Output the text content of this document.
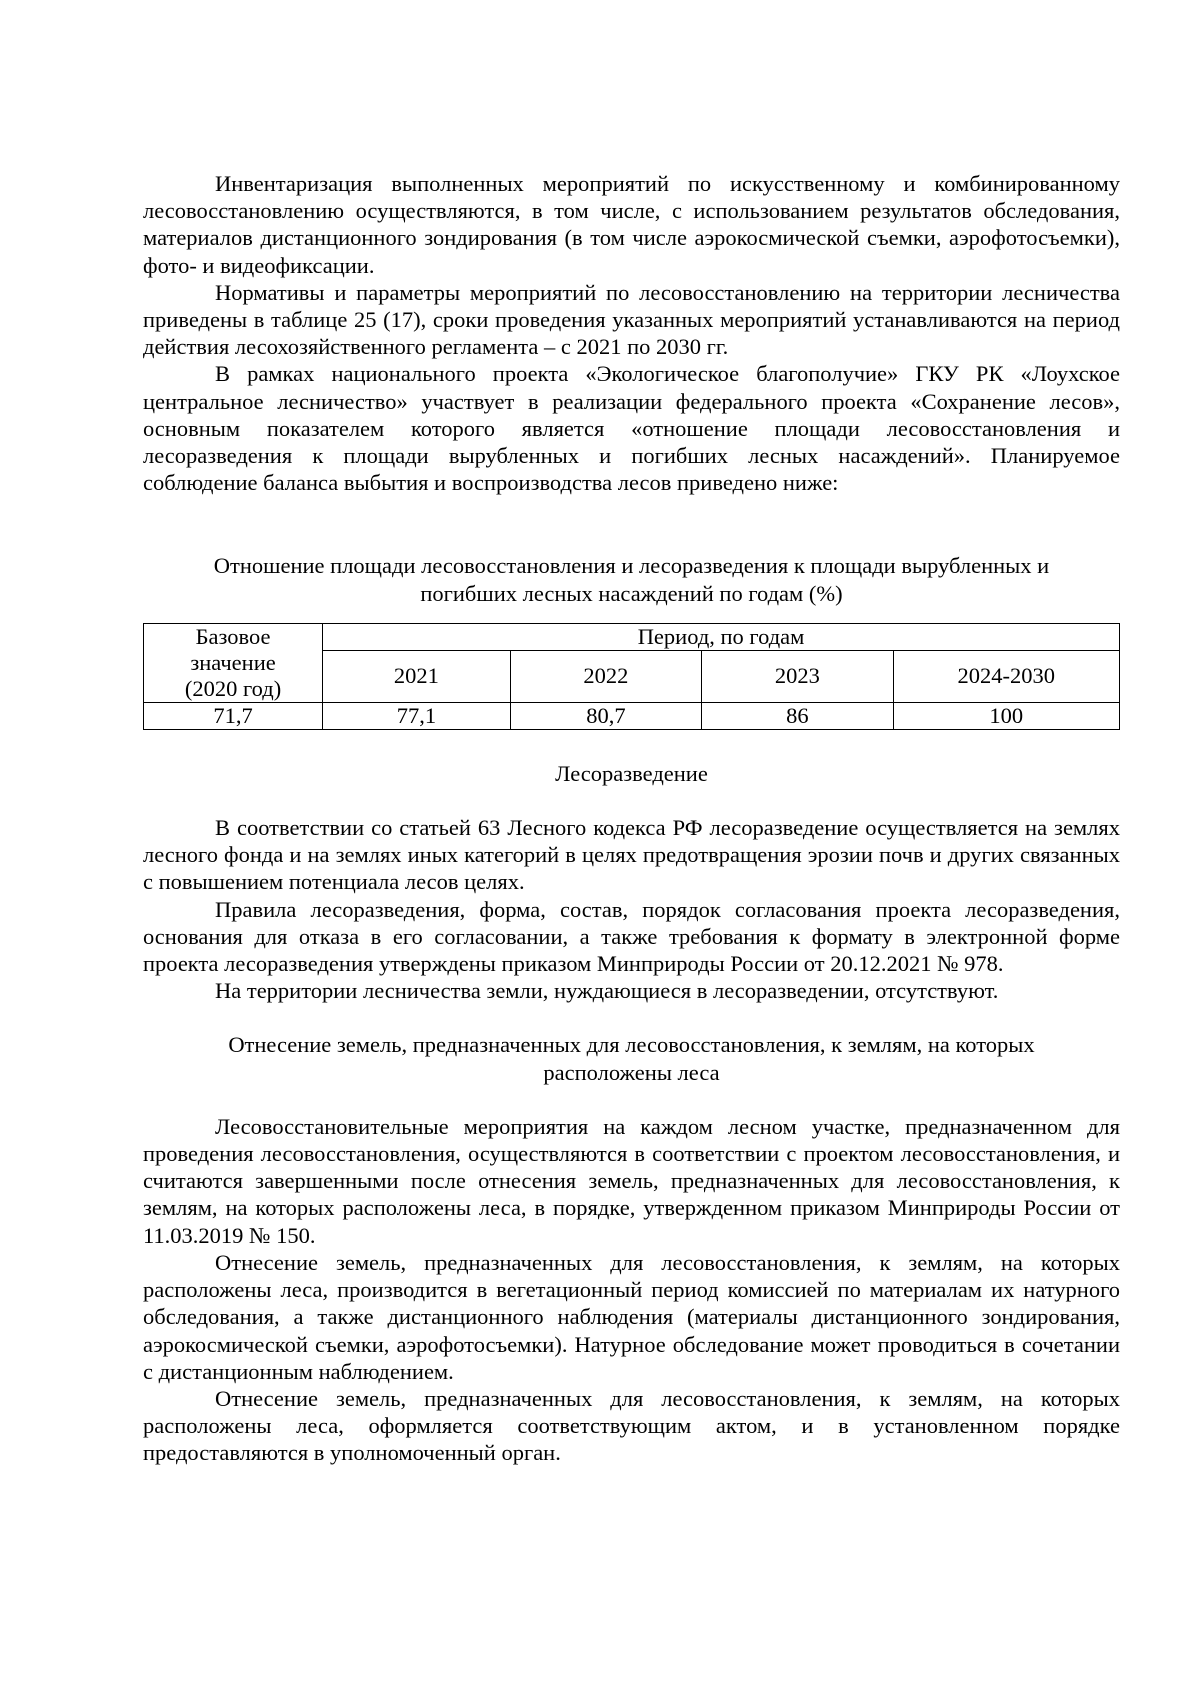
Инвентаризация выполненных мероприятий по искусственному и комбинированному лесовосстановлению осуществляются, в том числе, с использованием результатов обследования, материалов дистанционного зондирования (в том числе аэрокосмической съемки, аэрофотосъемки), фото- и видеофиксации.

Нормативы и параметры мероприятий по лесовосстановлению на территории лесничества приведены в таблице 25 (17), сроки проведения указанных мероприятий устанавливаются на период действия лесохозяйственного регламента – с 2021 по 2030 гг.

В рамках национального проекта «Экологическое благополучие» ГКУ РК «Лоухское центральное лесничество» участвует в реализации федерального проекта «Сохранение лесов», основным показателем которого является «отношение площади лесовосстановления и лесоразведения к площади вырубленных и погибших лесных насаждений». Планируемое соблюдение баланса выбытия и воспроизводства лесов приведено ниже:

Отношение площади лесовосстановления и лесоразведения к площади вырубленных и
погибших лесных насаждений по годам (%)
Базовое
значение
(2020 год)	Период, по годам			
	2021	2022	2023	2024-2030
71,7	77,1	80,7	86	100
Лесоразведение

В соответствии со статьей 63 Лесного кодекса РФ лесоразведение осуществляется на землях лесного фонда и на землях иных категорий в целях предотвращения эрозии почв и других связанных с повышением потенциала лесов целях.

Правила лесоразведения, форма, состав, порядок согласования проекта лесоразведения, основания для отказа в его согласовании, а также требования к формату в электронной форме проекта лесоразведения утверждены приказом Минприроды России от 20.12.2021 № 978.

На территории лесничества земли, нуждающиеся в лесоразведении, отсутствуют.

Отнесение земель, предназначенных для лесовосстановления, к землям, на которых
расположены леса

Лесовосстановительные мероприятия на каждом лесном участке, предназначенном для проведения лесовосстановления, осуществляются в соответствии с проектом лесовосстановления, и считаются завершенными после отнесения земель, предназначенных для лесовосстановления, к землям, на которых расположены леса, в порядке, утвержденном приказом Минприроды России от 11.03.2019 № 150.

Отнесение земель, предназначенных для лесовосстановления, к землям, на которых расположены леса, производится в вегетационный период комиссией по материалам их натурного обследования, а также дистанционного наблюдения (материалы дистанционного зондирования, аэрокосмической съемки, аэрофотосъемки). Натурное обследование может проводиться в сочетании с дистанционным наблюдением.

Отнесение земель, предназначенных для лесовосстановления, к землям, на которых расположены леса, оформляется соответствующим актом, и в установленном порядке предоставляются в уполномоченный орган.
